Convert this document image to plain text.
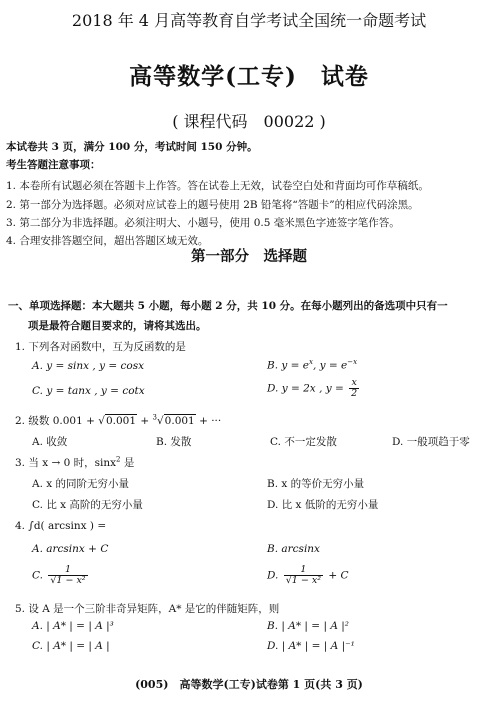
2018 年 4 月高等教育自学考试全国统一命题考试
高等数学(工专)　试卷
( 课程代码　00022 )
本试卷共 3 页，满分 100 分，考试时间 150 分钟。
考生答题注意事项：
1. 本卷所有试题必须在答题卡上作答。答在试卷上无效，试卷空白处和背面均可作草稿纸。
2. 第一部分为选择题。必须对应试卷上的题号使用 2B 铅笔将“答题卡”的相应代码涂黑。
3. 第二部分为非选择题。必须注明大、小题号，使用 0.5 毫米黑色字迹签字笔作答。
4. 合理安排答题空间，超出答题区域无效。
第一部分　选择题
一、单项选择题：本大题共 5 小题，每小题 2 分，共 10 分。在每小题列出的备选项中只有一
项是最符合题目要求的，请将其选出。
1. 下列各对函数中，互为反函数的是
A. y = sinx , y = cosx	B. $y = e^x$, $y = e^{-x}$
C. y = tanx , y = cotx	D. y = 2x , $y = \frac{x}{2}$
2. 级数 0.001 + √0.001 + $^3$√0.001 + ···
A. 收敛	B. 发散	C. 不一定发散	D. 一般项趋于零
3. 当 x → 0 时，sinx$^2$ 是
A. x 的同阶无穷小量	B. x 的等价无穷小量
C. 比 x 高阶的无穷小量	D. 比 x 低阶的无穷小量
4. ∫d( arcsinx ) =
A. arcsinx + C	B. arcsinx
C. $\frac{1}{\text{√1 − x²}}$	D. $\frac{1}{\text{√1 − x²}} + C$
5. 设 A 是一个三阶非奇异矩阵，A* 是它的伴随矩阵，则
A. | A* | = | A |³	B. | A* | = | A |²
C. | A* | = | A |	D. | A* | = | A |⁻¹
(005)　高等数学(工专)试卷第 1 页(共 3 页)
